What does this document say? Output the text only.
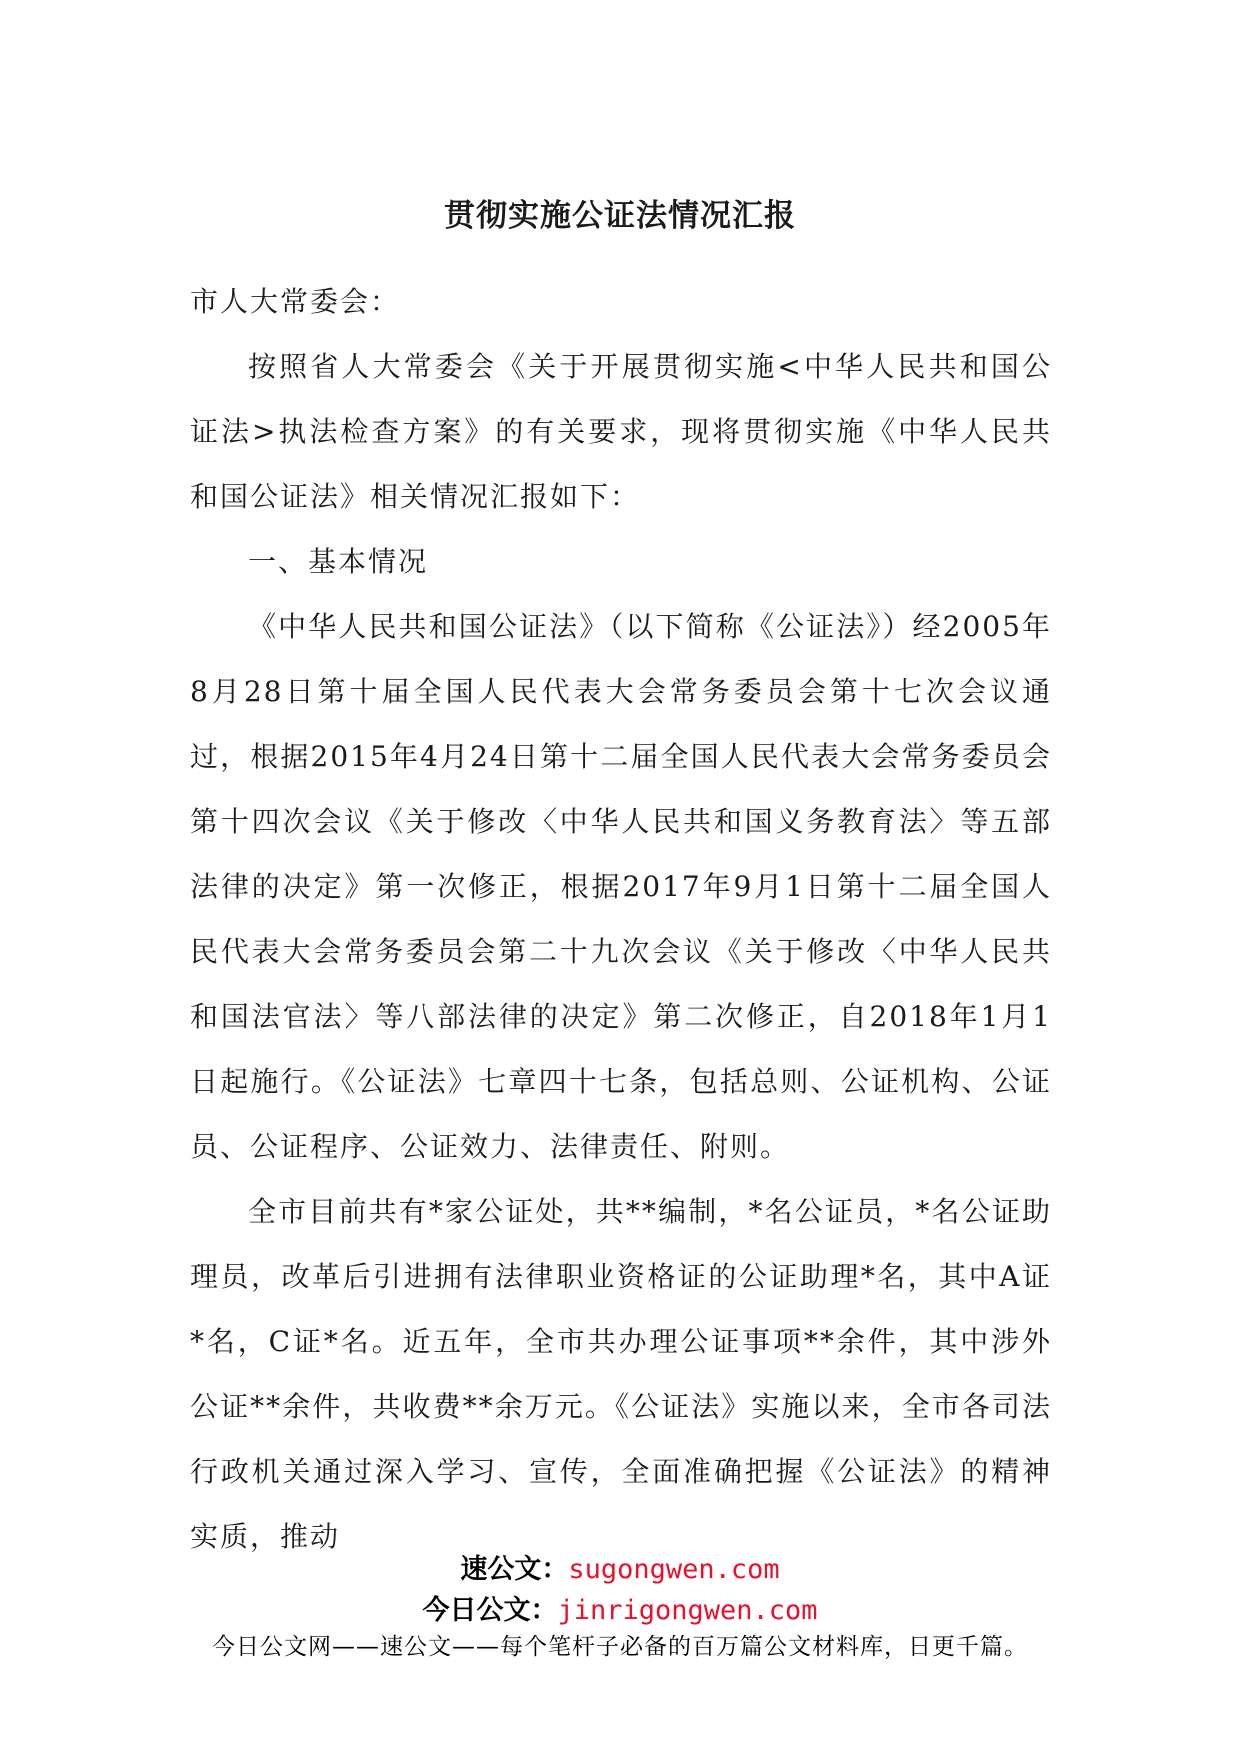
贯彻实施公证法情况汇报

市人大常委会：

按照省人大常委会《关于开展贯彻实施<中华人民共和国公证法>执法检查方案》的有关要求，现将贯彻实施《中华人民共和国公证法》相关情况汇报如下：

一、基本情况

《中华人民共和国公证法》（以下简称《公证法》）经2005年8月28日第十届全国人民代表大会常务委员会第十七次会议通过，根据2015年4月24日第十二届全国人民代表大会常务委员会第十四次会议《关于修改〈中华人民共和国义务教育法〉等五部法律的决定》第一次修正，根据2017年9月1日第十二届全国人民代表大会常务委员会第二十九次会议《关于修改〈中华人民共和国法官法〉等八部法律的决定》第二次修正，自2018年1月1日起施行。《公证法》七章四十七条，包括总则、公证机构、公证员、公证程序、公证效力、法律责任、附则。

全市目前共有*家公证处，共**编制，*名公证员，*名公证助理员，改革后引进拥有法律职业资格证的公证助理*名，其中A证*名，C证*名。近五年，全市共办理公证事项**余件，其中涉外公证**余件，共收费**余万元。《公证法》实施以来，全市各司法行政机关通过深入学习、宣传，全面准确把握《公证法》的精神实质，推动

速公文：sugongwen.com
今日公文：jinrigongwen.com
今日公文网——速公文——每个笔杆子必备的百万篇公文材料库，日更千篇。
